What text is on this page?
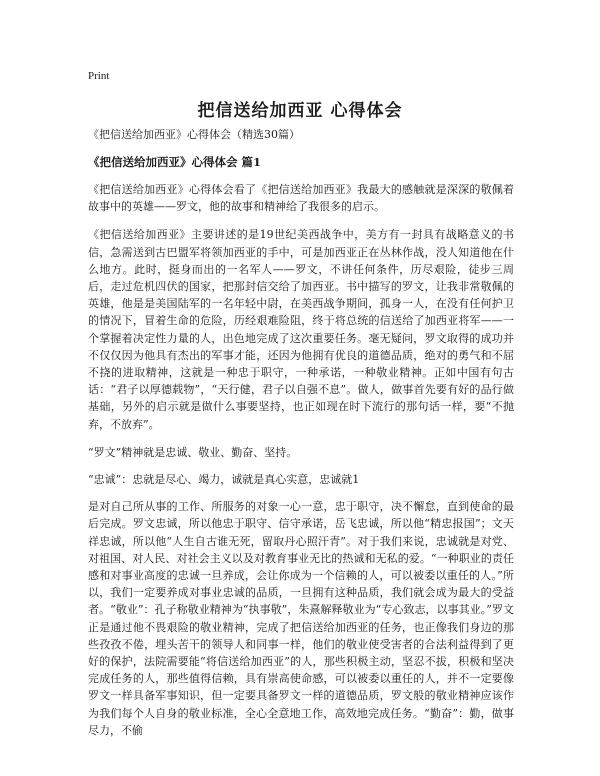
Print
把信送给加西亚 心得体会

《把信送给加西亚》心得体会（精选30篇）

《把信送给加西亚》心得体会 篇1

《把信送给加西亚》心得体会看了《把信送给加西亚》我最大的感触就是深深的敬佩着故事中的英雄——罗文，他的故事和精神给了我很多的启示。

《把信送给加西亚》主要讲述的是19世纪美西战争中，美方有一封具有战略意义的书信，急需送到古巴盟军将领加西亚的手中，可是加西亚正在丛林作战，没人知道他在什么地方。此时，挺身而出的一名军人——罗文，不讲任何条件，历尽艰险，徒步三周后，走过危机四伏的国家，把那封信交给了加西亚。书中描写的罗文，让我非常敬佩的英雄，他是是美国陆军的一名年轻中尉，在美西战争期间，孤身一人，在没有任何护卫的情况下，冒着生命的危险，历经艰难险阻，终于将总统的信送给了加西亚将军——一个掌握着决定性力量的人，出色地完成了这次重要任务。毫无疑问，罗文取得的成功并不仅仅因为他具有杰出的军事才能，还因为他拥有优良的道德品质，绝对的勇气和不屈不挠的进取精神，这就是一种忠于职守，一种承诺，一种敬业精神。正如中国有句古话：“君子以厚德载物”，“天行健，君子以自强不息”。做人，做事首先要有好的品行做基础，另外的启示就是做什么事要坚持，也正如现在时下流行的那句话一样，要“不抛弃，不放弃”。

“罗文”精神就是忠诚、敬业、勤奋、坚持。

“忠诚”：忠就是尽心、竭力，诚就是真心实意，忠诚就1

是对自己所从事的工作、所服务的对象一心一意，忠于职守，决不懈怠，直到使命的最后完成。罗文忠诚，所以他忠于职守、信守承诺，岳飞忠诚，所以他“精忠报国”；文天祥忠诚，所以他“人生自古谁无死，留取丹心照汗青”。对于我们来说，忠诚就是对党、对祖国、对人民、对社会主义以及对教育事业无比的热诚和无私的爱。“一种职业的责任感和对事业高度的忠诚一旦养成，会让你成为一个信赖的人，可以被委以重任的人。”所以，我们一定要养成对事业忠诚的品质，一旦拥有这种品质，我们就会成为最大的受益者。“敬业”：孔子称敬业精神为“执事敬”，朱熹解释敬业为“专心致志，以事其业。”罗文正是通过他不畏艰险的敬业精神，完成了把信送给加西亚的任务，也正像我们身边的那些孜孜不倦，埋头苦干的领导人和同事一样，他们的敬业使受害者的合法利益得到了更好的保护，法院需要能“将信送给加西亚”的人，那些积极主动，坚忍不拔，积极和坚决完成任务的人，那些值得信赖，具有崇高使命感，可以被委以重任的人，并不一定要像罗文一样具备军事知识，但一定要具备罗文一样的道德品质，罗文般的敬业精神应该作为我们每个人自身的敬业标准，全心全意地工作，高效地完成任务。“勤奋”：勤，做事尽力，不偷
